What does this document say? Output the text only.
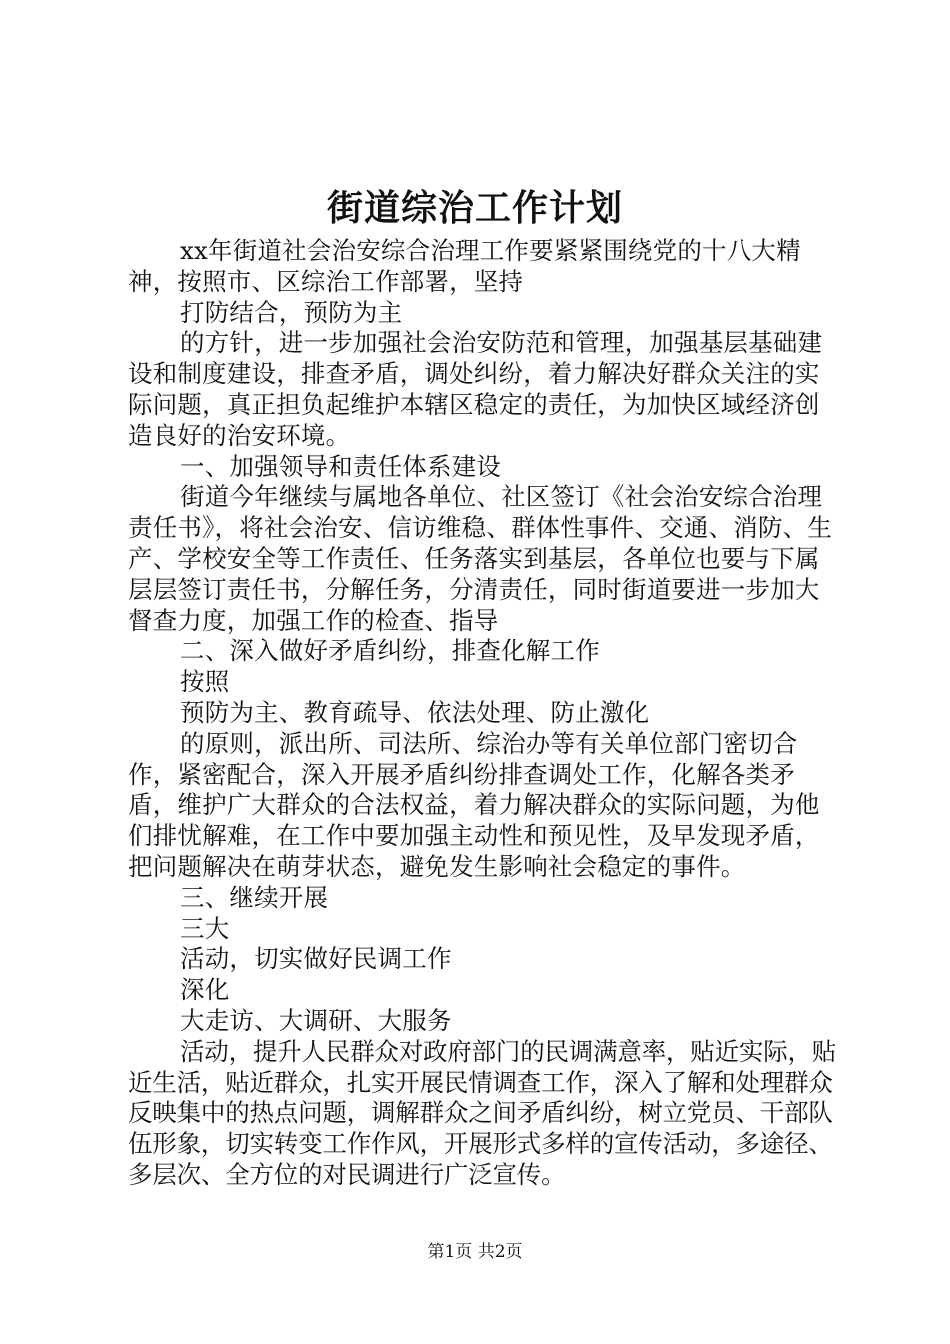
街道综治工作计划

xx年街道社会治安综合治理工作要紧紧围绕党的十八大精神，按照市、区综治工作部署，坚持

打防结合，预防为主

的方针，进一步加强社会治安防范和管理，加强基层基础建设和制度建设，排查矛盾，调处纠纷，着力解决好群众关注的实际问题，真正担负起维护本辖区稳定的责任，为加快区域经济创造良好的治安环境。

一、加强领导和责任体系建设

街道今年继续与属地各单位、社区签订《社会治安综合治理责任书》，将社会治安、信访维稳、群体性事件、交通、消防、生产、学校安全等工作责任、任务落实到基层，各单位也要与下属层层签订责任书，分解任务，分清责任，同时街道要进一步加大督查力度，加强工作的检查、指导

二、深入做好矛盾纠纷，排查化解工作

按照

预防为主、教育疏导、依法处理、防止激化

的原则，派出所、司法所、综治办等有关单位部门密切合作，紧密配合，深入开展矛盾纠纷排查调处工作，化解各类矛盾，维护广大群众的合法权益，着力解决群众的实际问题，为他们排忧解难，在工作中要加强主动性和预见性，及早发现矛盾，把问题解决在萌芽状态，避免发生影响社会稳定的事件。

三、继续开展

三大

活动，切实做好民调工作

深化

大走访、大调研、大服务

活动，提升人民群众对政府部门的民调满意率，贴近实际，贴近生活，贴近群众，扎实开展民情调查工作，深入了解和处理群众反映集中的热点问题，调解群众之间矛盾纠纷，树立党员、干部队伍形象，切实转变工作作风，开展形式多样的宣传活动，多途径、多层次、全方位的对民调进行广泛宣传。

第1页 共2页
